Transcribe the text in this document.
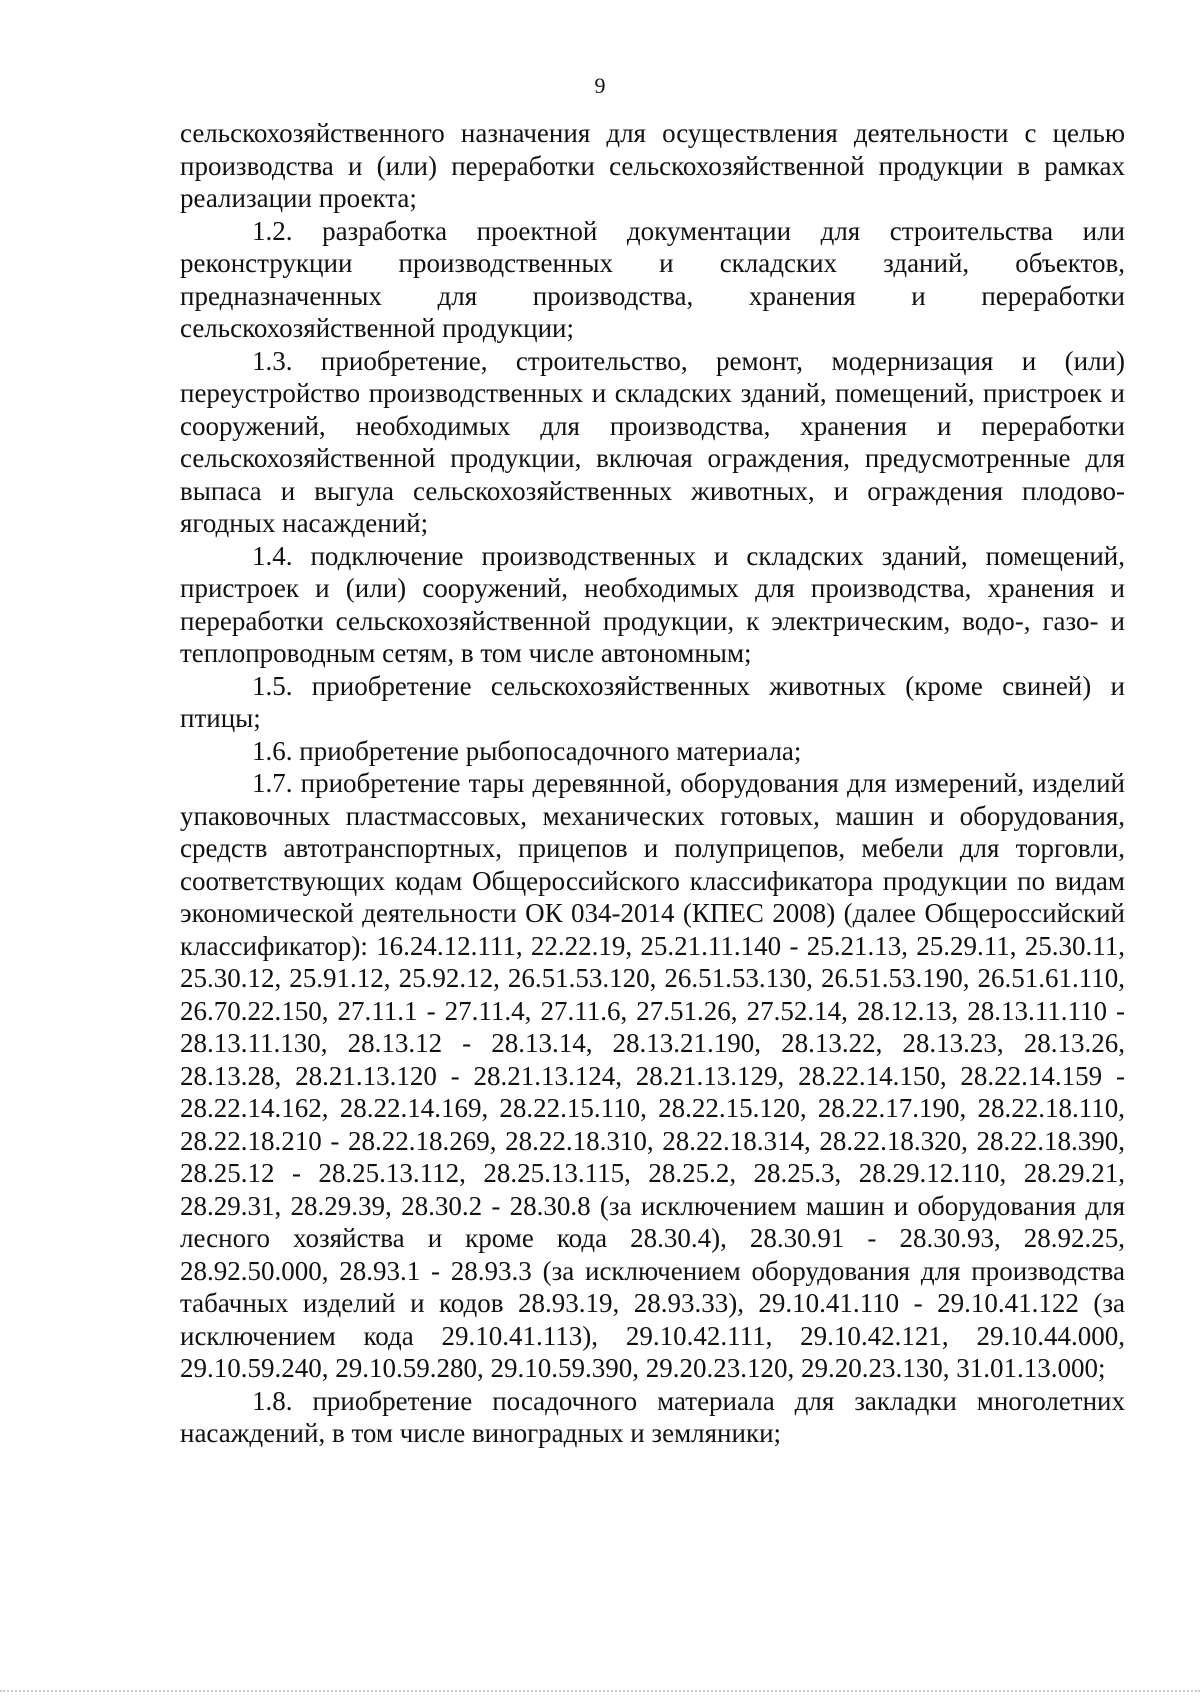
9

сельскохозяйственного назначения для осуществления деятельности с целью производства и (или) переработки сельскохозяйственной продукции в рамках реализации проекта;

1.2. разработка проектной документации для строительства или реконструкции производственных и складских зданий, объектов, предназначенных для производства, хранения и переработки сельскохозяйственной продукции;

1.3. приобретение, строительство, ремонт, модернизация и (или) переустройство производственных и складских зданий, помещений, пристроек и сооружений, необходимых для производства, хранения и переработки сельскохозяйственной продукции, включая ограждения, предусмотренные для выпаса и выгула сельскохозяйственных животных, и ограждения плодово-ягодных насаждений;

1.4. подключение производственных и складских зданий, помещений, пристроек и (или) сооружений, необходимых для производства, хранения и переработки сельскохозяйственной продукции, к электрическим, водо-, газо- и теплопроводным сетям, в том числе автономным;

1.5. приобретение сельскохозяйственных животных (кроме свиней) и птицы;

1.6. приобретение рыбопосадочного материала;

1.7. приобретение тары деревянной, оборудования для измерений, изделий упаковочных пластмассовых, механических готовых, машин и оборудования, средств автотранспортных, прицепов и полуприцепов, мебели для торговли, соответствующих кодам Общероссийского классификатора продукции по видам экономической деятельности ОК 034-2014 (КПЕС 2008) (далее Общероссийский классификатор): 16.24.12.111, 22.22.19, 25.21.11.140 - 25.21.13, 25.29.11, 25.30.11, 25.30.12, 25.91.12, 25.92.12, 26.51.53.120, 26.51.53.130, 26.51.53.190, 26.51.61.110, 26.70.22.150, 27.11.1 - 27.11.4, 27.11.6, 27.51.26, 27.52.14, 28.12.13, 28.13.11.110 - 28.13.11.130, 28.13.12 - 28.13.14, 28.13.21.190, 28.13.22, 28.13.23, 28.13.26, 28.13.28, 28.21.13.120 - 28.21.13.124, 28.21.13.129, 28.22.14.150, 28.22.14.159 - 28.22.14.162, 28.22.14.169, 28.22.15.110, 28.22.15.120, 28.22.17.190, 28.22.18.110, 28.22.18.210 - 28.22.18.269, 28.22.18.310, 28.22.18.314, 28.22.18.320, 28.22.18.390, 28.25.12 - 28.25.13.112, 28.25.13.115, 28.25.2, 28.25.3, 28.29.12.110, 28.29.21, 28.29.31, 28.29.39, 28.30.2 - 28.30.8 (за исключением машин и оборудования для лесного хозяйства и кроме кода 28.30.4), 28.30.91 - 28.30.93, 28.92.25, 28.92.50.000, 28.93.1 - 28.93.3 (за исключением оборудования для производства табачных изделий и кодов 28.93.19, 28.93.33), 29.10.41.110 - 29.10.41.122 (за исключением кода 29.10.41.113), 29.10.42.111, 29.10.42.121, 29.10.44.000, 29.10.59.240, 29.10.59.280, 29.10.59.390, 29.20.23.120, 29.20.23.130, 31.01.13.000;

1.8. приобретение посадочного материала для закладки многолетних насаждений, в том числе виноградных и земляники;
